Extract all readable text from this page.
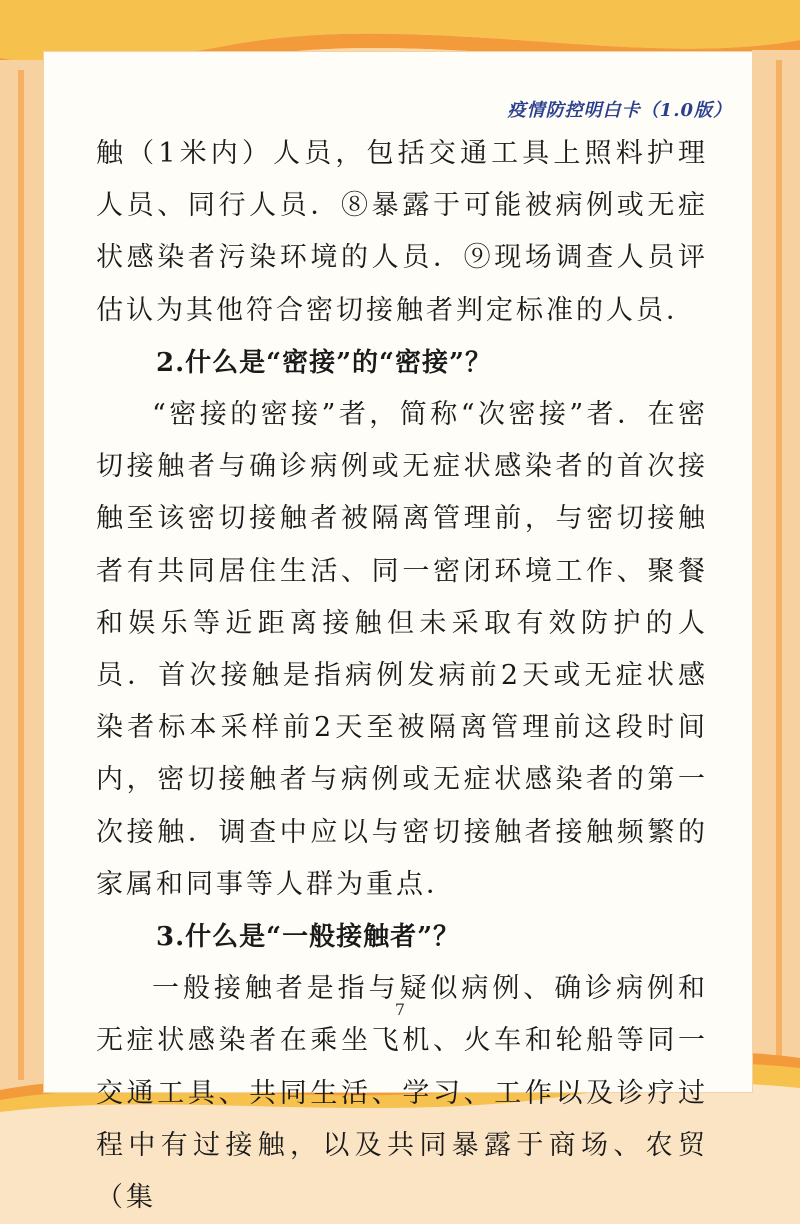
疫情防控明白卡（1.0版）

触（1米内）人员，包括交通工具上照料护理人员、同行人员．⑧暴露于可能被病例或无症状感染者污染环境的人员．⑨现场调查人员评估认为其他符合密切接触者判定标准的人员．

2.什么是“密接”的“密接”？

“密接的密接”者，简称“次密接”者．在密切接触者与确诊病例或无症状感染者的首次接触至该密切接触者被隔离管理前，与密切接触者有共同居住生活、同一密闭环境工作、聚餐和娱乐等近距离接触但未采取有效防护的人员．首次接触是指病例发病前2天或无症状感染者标本采样前2天至被隔离管理前这段时间内，密切接触者与病例或无症状感染者的第一次接触．调查中应以与密切接触者接触频繁的家属和同事等人群为重点．

3.什么是“一般接触者”？

一般接触者是指与疑似病例、确诊病例和无症状感染者在乘坐飞机、火车和轮船等同一交通工具、共同生活、学习、工作以及诊疗过程中有过接触，以及共同暴露于商场、农贸（集

7
